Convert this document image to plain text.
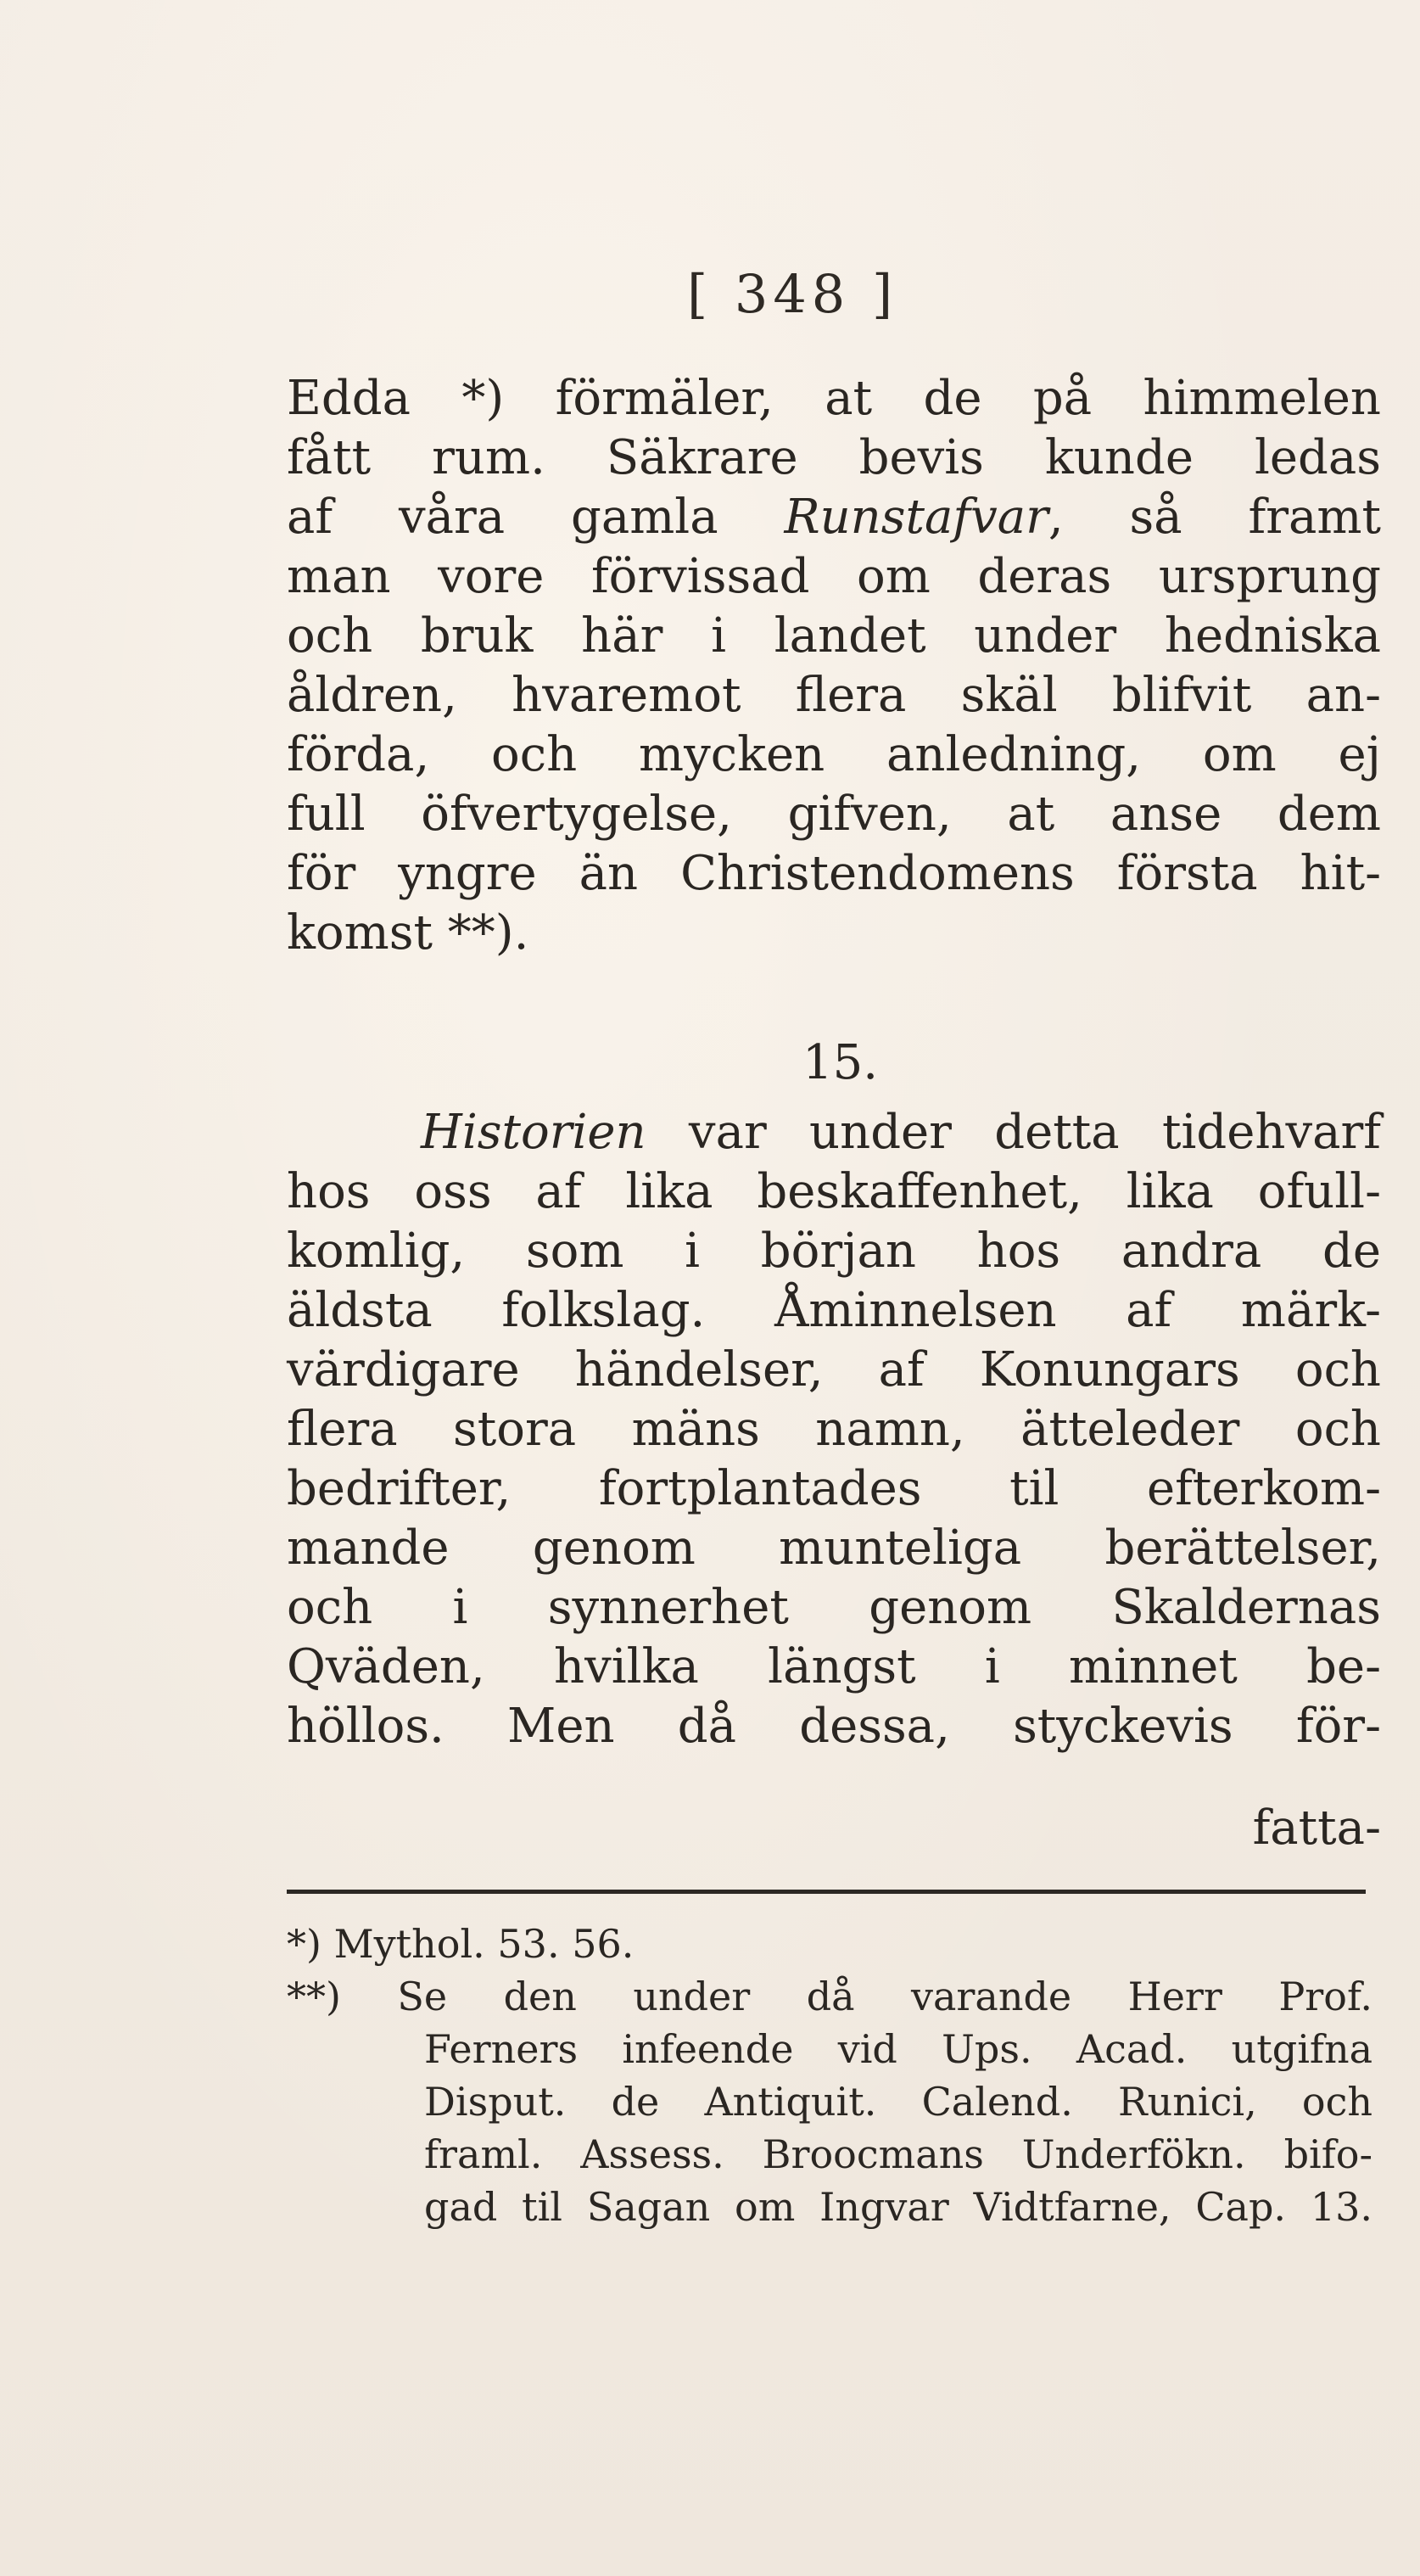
[ 348 ]
Edda *) förmäler, at de på himmelen
fått rum. Säkrare bevis kunde ledas
af våra gamla Runstafvar, så framt
man vore förvissad om deras ursprung
och bruk här i landet under hedniska
åldren, hvaremot flera skäl blifvit an-
förda, och mycken anledning, om ej
full öfvertygelse, gifven, at anse dem
för yngre än Christendomens första hit-
komst **).
15.
Historien var under detta tidehvarf
hos oss af lika beskaffenhet, lika ofull-
komlig, som i början hos andra de
äldsta folkslag. Åminnelsen af märk-
värdigare händelser, af Konungars och
flera stora mäns namn, ätteleder och
bedrifter, fortplantades til efterkom-
mande genom munteliga berättelser,
och i synnerhet genom Skaldernas
Qväden, hvilka längst i minnet be-
höllos. Men då dessa, styckevis för-
fatta-
*) Mythol. 53. 56.
**) Se den under då varande Herr Prof.
Ferners infeende vid Ups. Acad. utgifna
Disput. de Antiquit. Calend. Runici, och
framl. Assess. Broocmans Underfökn. bifo-
gad til Sagan om Ingvar Vidtfarne, Cap. 13.
